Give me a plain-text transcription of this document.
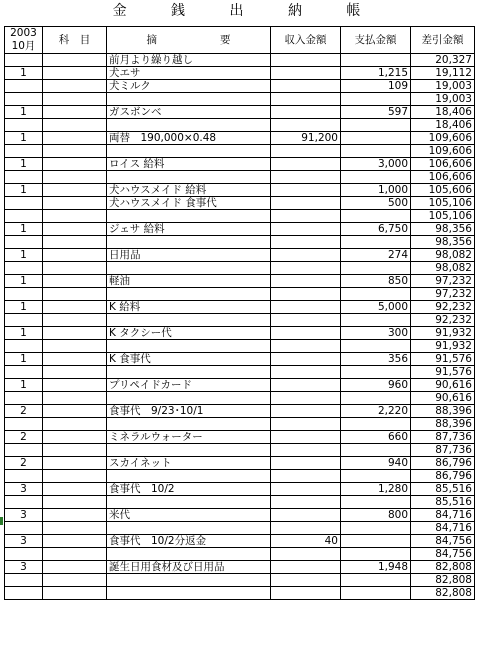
金 銭 出 納 帳
2003
10月	科　目	摘　　　　　　要	収入金額	支払金額	差引金額
		前月より繰り越し			20,327
1		犬エサ		1,215	19,112
		犬ミルク		109	19,003
					19,003
1		ガスボンベ		597	18,406
					18,406
1		両替　190,000×0.48	91,200		109,606
					109,606
1		ロイス 給料		3,000	106,606
					106,606
1		犬ハウスメイド 給料		1,000	105,606
		犬ハウスメイド 食事代		500	105,106
					105,106
1		ジェサ 給料		6,750	98,356
					98,356
1		日用品		274	98,082
					98,082
1		軽油		850	97,232
					97,232
1		K 給料		5,000	92,232
					92,232
1		K タクシー代		300	91,932
					91,932
1		K 食事代		356	91,576
					91,576
1		プリペイドカード		960	90,616
					90,616
2		食事代　9/23･10/1		2,220	88,396
					88,396
2		ミネラルウォーター		660	87,736
					87,736
2		スカイネット		940	86,796
					86,796
3		食事代　10/2		1,280	85,516
					85,516
3		米代		800	84,716
					84,716
3		食事代　10/2分返金	40		84,756
					84,756
3		誕生日用食材及び日用品		1,948	82,808
					82,808
					82,808
